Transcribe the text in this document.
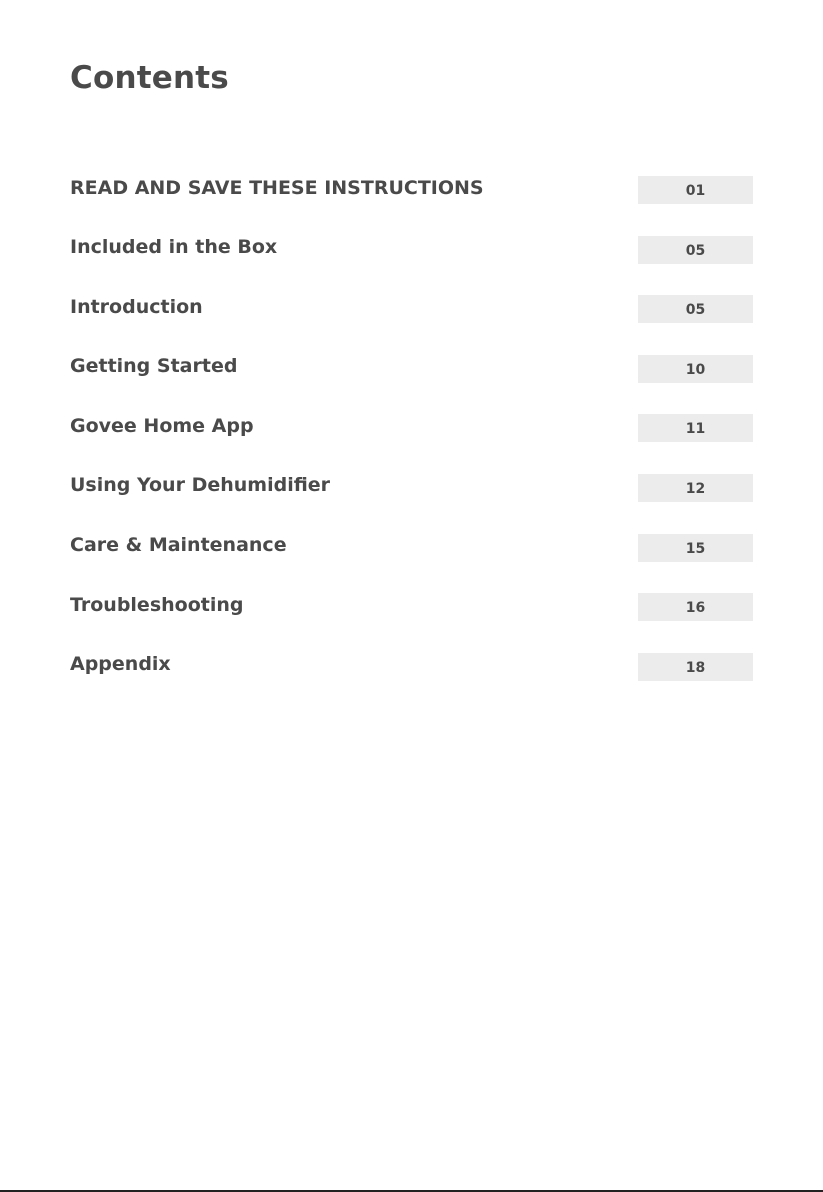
Contents
READ AND SAVE THESE INSTRUCTIONS	01
Included in the Box	05
Introduction	05
Getting Started	10
Govee Home App	11
Using Your Dehumidifier	12
Care & Maintenance	15
Troubleshooting	16
Appendix	18
